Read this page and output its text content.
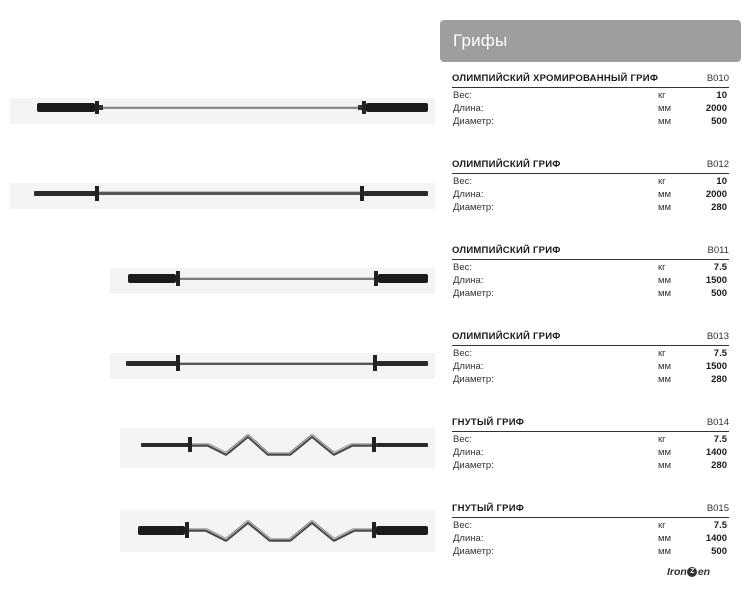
Грифы
ОЛИМПИЙСКИЙ ХРОМИРОВАННЫЙ ГРИФ	B010
Вес:	кг	10
Длина:	мм	2000
Диаметр:	мм	500
ОЛИМПИЙСКИЙ ГРИФ	B012
Вес:	кг	10
Длина:	мм	2000
Диаметр:	мм	280
ОЛИМПИЙСКИЙ ГРИФ	B011
Вес:	кг	7.5
Длина:	мм	1500
Диаметр:	мм	500
ОЛИМПИЙСКИЙ ГРИФ	B013
Вес:	кг	7.5
Длина:	мм	1500
Диаметр:	мм	280
ГНУТЫЙ ГРИФ	B014
Вес:	кг	7.5
Длина:	мм	1400
Диаметр:	мм	280
ГНУТЫЙ ГРИФ	B015
Вес:	кг	7.5
Длина:	мм	1400
Диаметр:	мм	500
Iron Z en
